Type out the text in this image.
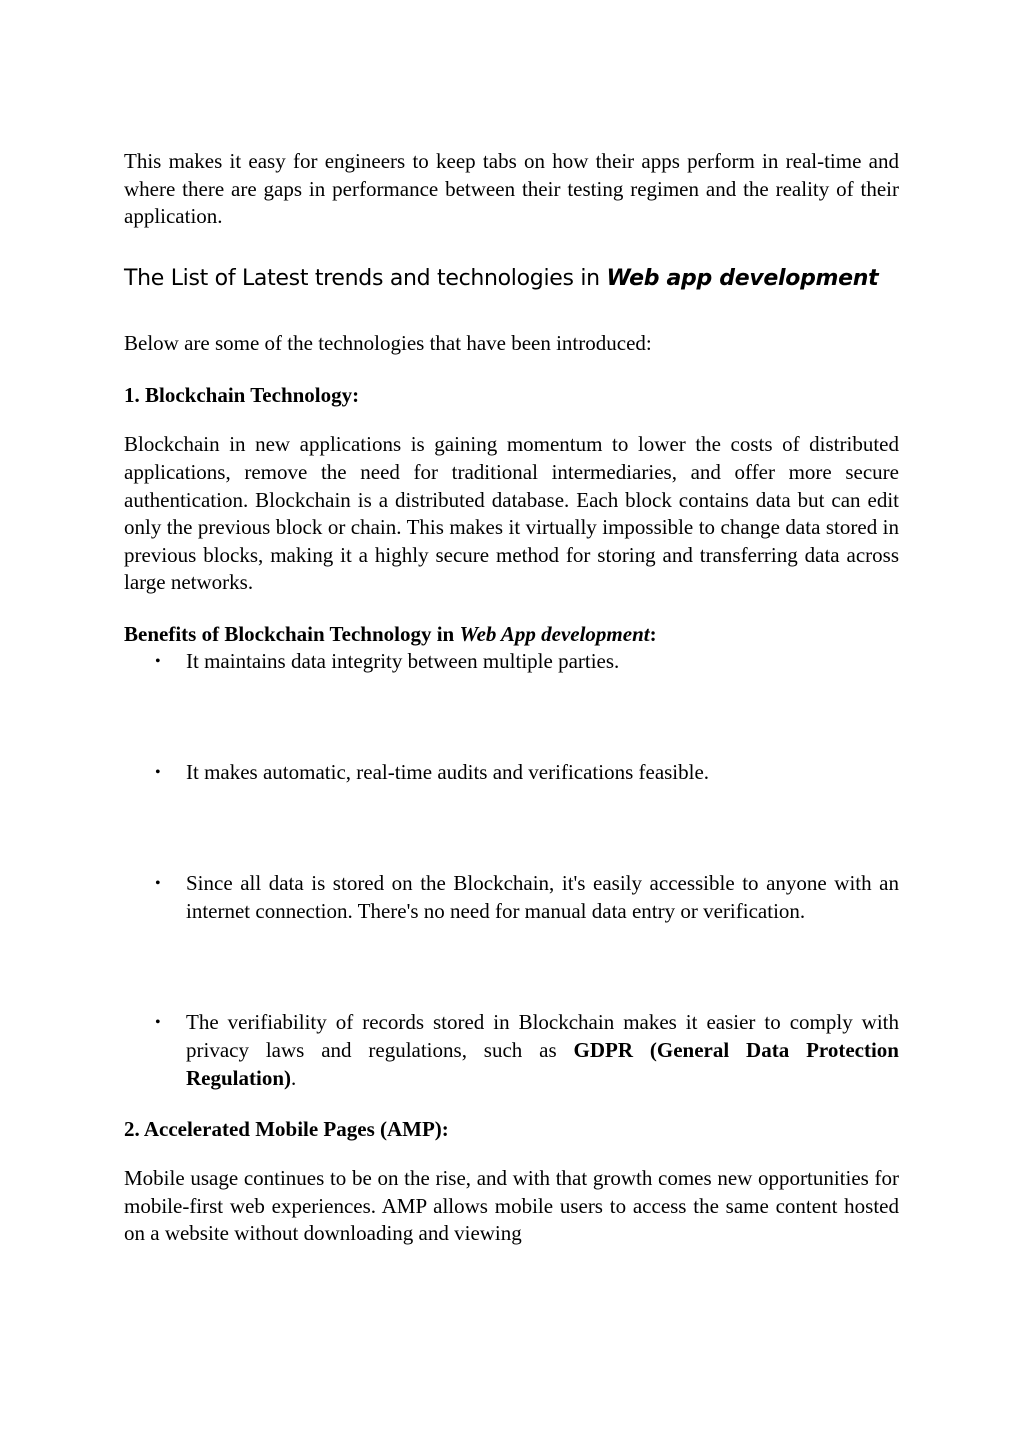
This makes it easy for engineers to keep tabs on how their apps perform in real-time and where there are gaps in performance between their testing regimen and the reality of their application.

The List of Latest trends and technologies in Web app development

Below are some of the technologies that have been introduced:

1. Blockchain Technology:

Blockchain in new applications is gaining momentum to lower the costs of distributed applications, remove the need for traditional intermediaries, and offer more secure authentication. Blockchain is a distributed database. Each block contains data but can edit only the previous block or chain. This makes it virtually impossible to change data stored in previous blocks, making it a highly secure method for storing and transferring data across large networks.

Benefits of Blockchain Technology in Web App development:

• It maintains data integrity between multiple parties.
• It makes automatic, real-time audits and verifications feasible.
• Since all data is stored on the Blockchain, it's easily accessible to anyone with an internet connection. There's no need for manual data entry or verification.
• The verifiability of records stored in Blockchain makes it easier to comply with privacy laws and regulations, such as GDPR (General Data Protection Regulation).
2. Accelerated Mobile Pages (AMP):

Mobile usage continues to be on the rise, and with that growth comes new opportunities for mobile-first web experiences. AMP allows mobile users to access the same content hosted on a website without downloading and viewing
